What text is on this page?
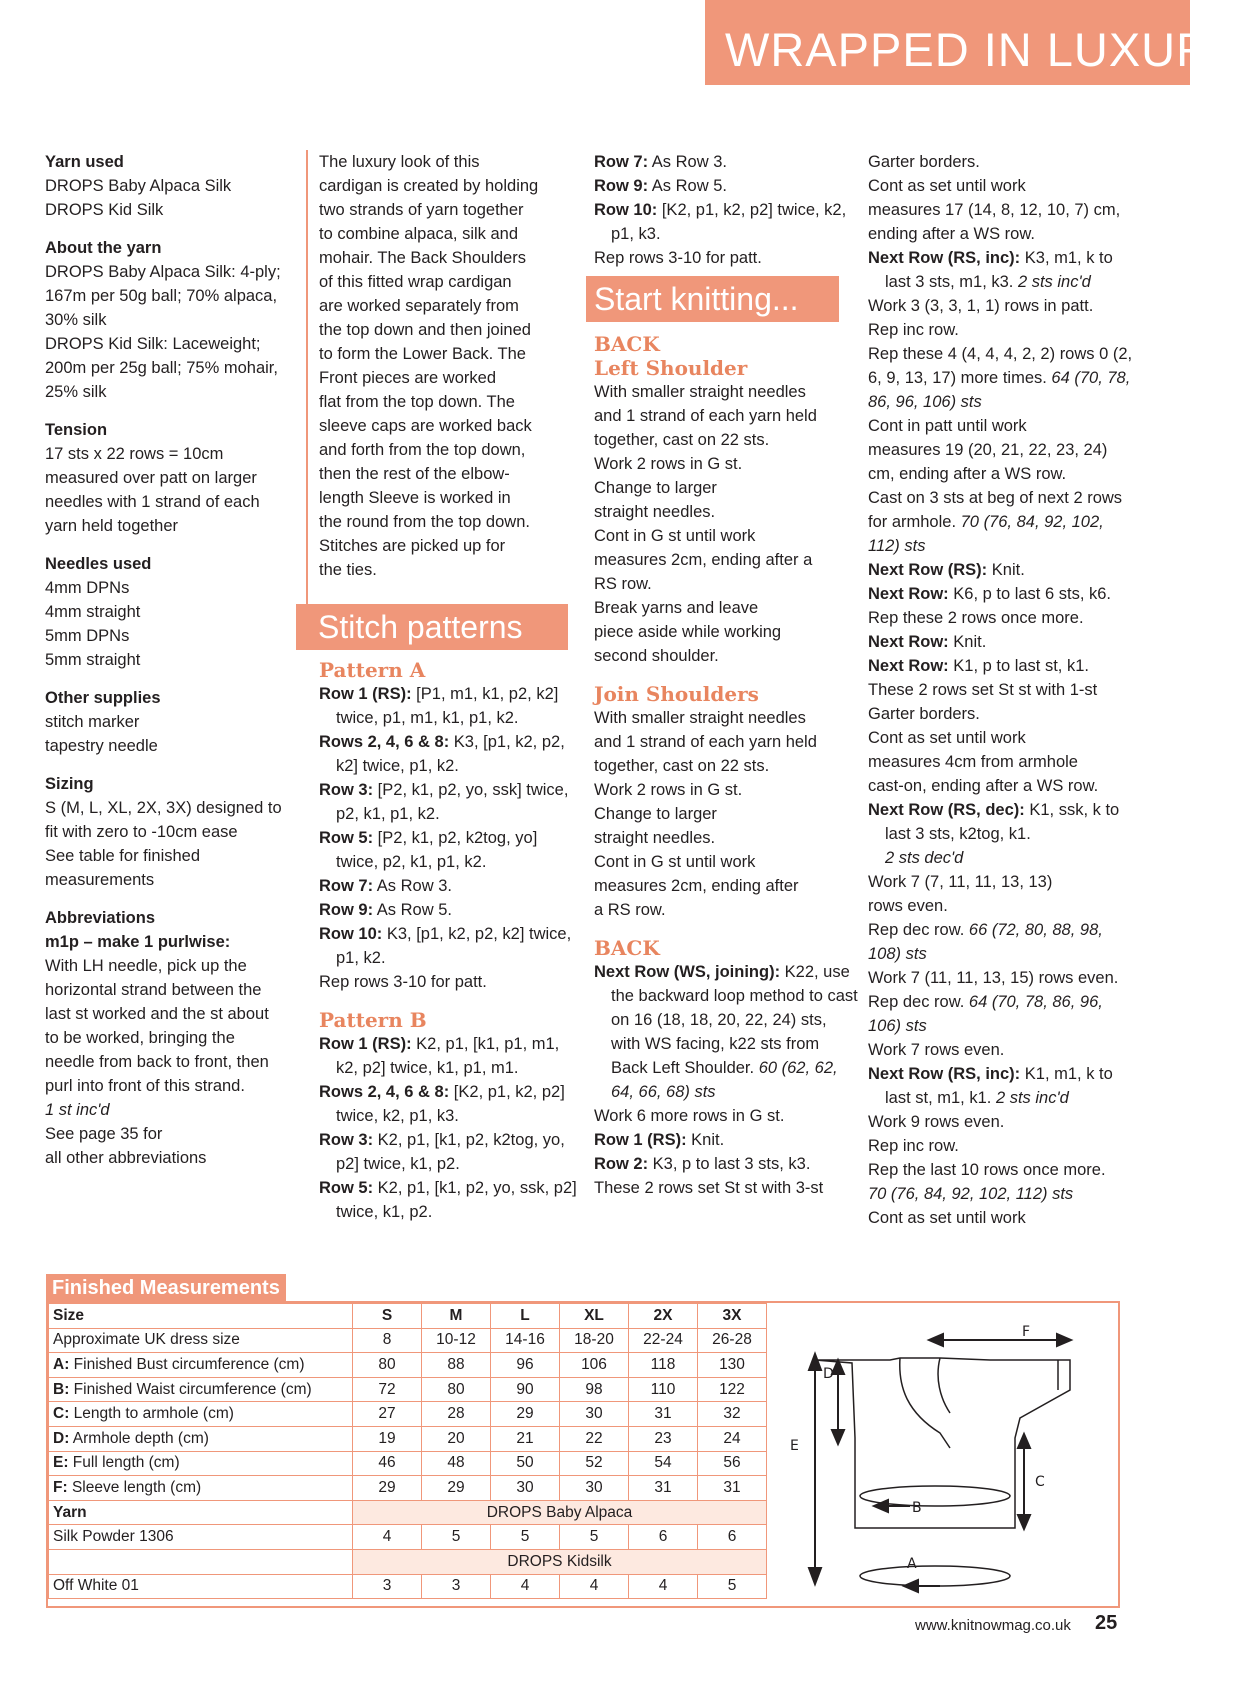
WRAPPED IN LUXURY

Yarn used

DROPS Baby Alpaca Silk

DROPS Kid Silk

About the yarn

DROPS Baby Alpaca Silk: 4-ply;

167m per 50g ball; 70% alpaca,

30% silk

DROPS Kid Silk: Laceweight;

200m per 25g ball; 75% mohair,

25% silk

Tension

17 sts x 22 rows = 10cm

measured over patt on larger

needles with 1 strand of each

yarn held together

Needles used

4mm DPNs

4mm straight

5mm DPNs

5mm straight

Other supplies

stitch marker

tapestry needle

Sizing

S (M, L, XL, 2X, 3X) designed to

fit with zero to -10cm ease

See table for finished

measurements

Abbreviations

m1p – make 1 purlwise:

With LH needle, pick up the

horizontal strand between the

last st worked and the st about

to be worked, bringing the

needle from back to front, then

purl into front of this strand.

1 st inc'd

See page 35 for

all other abbreviations

The luxury look of this

cardigan is created by holding

two strands of yarn together

to combine alpaca, silk and

mohair. The Back Shoulders

of this fitted wrap cardigan

are worked separately from

the top down and then joined

to form the Lower Back. The

Front pieces are worked

flat from the top down. The

sleeve caps are worked back

and forth from the top down,

then the rest of the elbow-

length Sleeve is worked in

the round from the top down.

Stitches are picked up for

the ties.

Stitch patterns

Pattern A

Row 1 (RS): [P1, m1, k1, p2, k2] twice, p1, m1, k1, p1, k2.

Rows 2, 4, 6 & 8: K3, [p1, k2, p2, k2] twice, p1, k2.

Row 3: [P2, k1, p2, yo, ssk] twice, p2, k1, p1, k2.

Row 5: [P2, k1, p2, k2tog, yo] twice, p2, k1, p1, k2.

Row 7: As Row 3.

Row 9: As Row 5.

Row 10: K3, [p1, k2, p2, k2] twice, p1, k2.

Rep rows 3-10 for patt.

Pattern B

Row 1 (RS): K2, p1, [k1, p1, m1, k2, p2] twice, k1, p1, m1.

Rows 2, 4, 6 & 8: [K2, p1, k2, p2] twice, k2, p1, k3.

Row 3: K2, p1, [k1, p2, k2tog, yo, p2] twice, k1, p2.

Row 5: K2, p1, [k1, p2, yo, ssk, p2] twice, k1, p2.

Row 7: As Row 3.

Row 9: As Row 5.

Row 10: [K2, p1, k2, p2] twice, k2, p1, k3.

Rep rows 3-10 for patt.

Start knitting...

BACK

Left Shoulder

With smaller straight needles

and 1 strand of each yarn held

together, cast on 22 sts.

Work 2 rows in G st.

Change to larger

straight needles.

Cont in G st until work

measures 2cm, ending after a

RS row.

Break yarns and leave

piece aside while working

second shoulder.

Join Shoulders

With smaller straight needles

and 1 strand of each yarn held

together, cast on 22 sts.

Work 2 rows in G st.

Change to larger

straight needles.

Cont in G st until work

measures 2cm, ending after

a RS row.

BACK

Next Row (WS, joining): K22, use the backward loop method to cast on 16 (18, 18, 20, 22, 24) sts, with WS facing, k22 sts from Back Left Shoulder. 60 (62, 62, 64, 66, 68) sts

Work 6 more rows in G st.

Row 1 (RS): Knit.

Row 2: K3, p to last 3 sts, k3.

These 2 rows set St st with 3-st

Garter borders.

Cont as set until work

measures 17 (14, 8, 12, 10, 7) cm,

ending after a WS row.

Next Row (RS, inc): K3, m1, k to last 3 sts, m1, k3. 2 sts inc'd

Work 3 (3, 3, 1, 1) rows in patt.

Rep inc row.

Rep these 4 (4, 4, 4, 2, 2) rows 0 (2, 6, 9, 13, 17) more times. 64 (70, 78, 86, 96, 106) sts

Cont in patt until work

measures 19 (20, 21, 22, 23, 24)

cm, ending after a WS row.

Cast on 3 sts at beg of next 2 rows for armhole. 70 (76, 84, 92, 102, 112) sts

Next Row (RS): Knit.

Next Row: K6, p to last 6 sts, k6.

Rep these 2 rows once more.

Next Row: Knit.

Next Row: K1, p to last st, k1.

These 2 rows set St st with 1-st

Garter borders.

Cont as set until work

measures 4cm from armhole

cast-on, ending after a WS row.

Next Row (RS, dec): K1, ssk, k to last 3 sts, k2tog, k1.

2 sts dec'd

Work 7 (7, 11, 11, 13, 13)

rows even.

Rep dec row. 66 (72, 80, 88, 98, 108) sts

Work 7 (11, 11, 13, 15) rows even.

Rep dec row. 64 (70, 78, 86, 96, 106) sts

Work 7 rows even.

Next Row (RS, inc): K1, m1, k to last st, m1, k1. 2 sts inc'd

Work 9 rows even.

Rep inc row.

Rep the last 10 rows once more.

70 (76, 84, 92, 102, 112) sts

Cont as set until work

Finished Measurements
Size	S	M	L	XL	2X	3X
Approximate UK dress size	8	10-12	14-16	18-20	22-24	26-28
A: Finished Bust circumference (cm)	80	88	96	106	118	130
B: Finished Waist circumference (cm)	72	80	90	98	110	122
C: Length to armhole (cm)	27	28	29	30	31	32
D: Armhole depth (cm)	19	20	21	22	23	24
E: Full length (cm)	46	48	50	52	54	56
F: Sleeve length (cm)	29	29	30	30	31	31
Yarn	DROPS Baby Alpaca					
Silk Powder 1306	4	5	5	5	6	6
	DROPS Kidsilk					
Off White 01	3	3	4	4	4	5
E
D
C
F
B
A
www.knitnowmag.co.uk 25
